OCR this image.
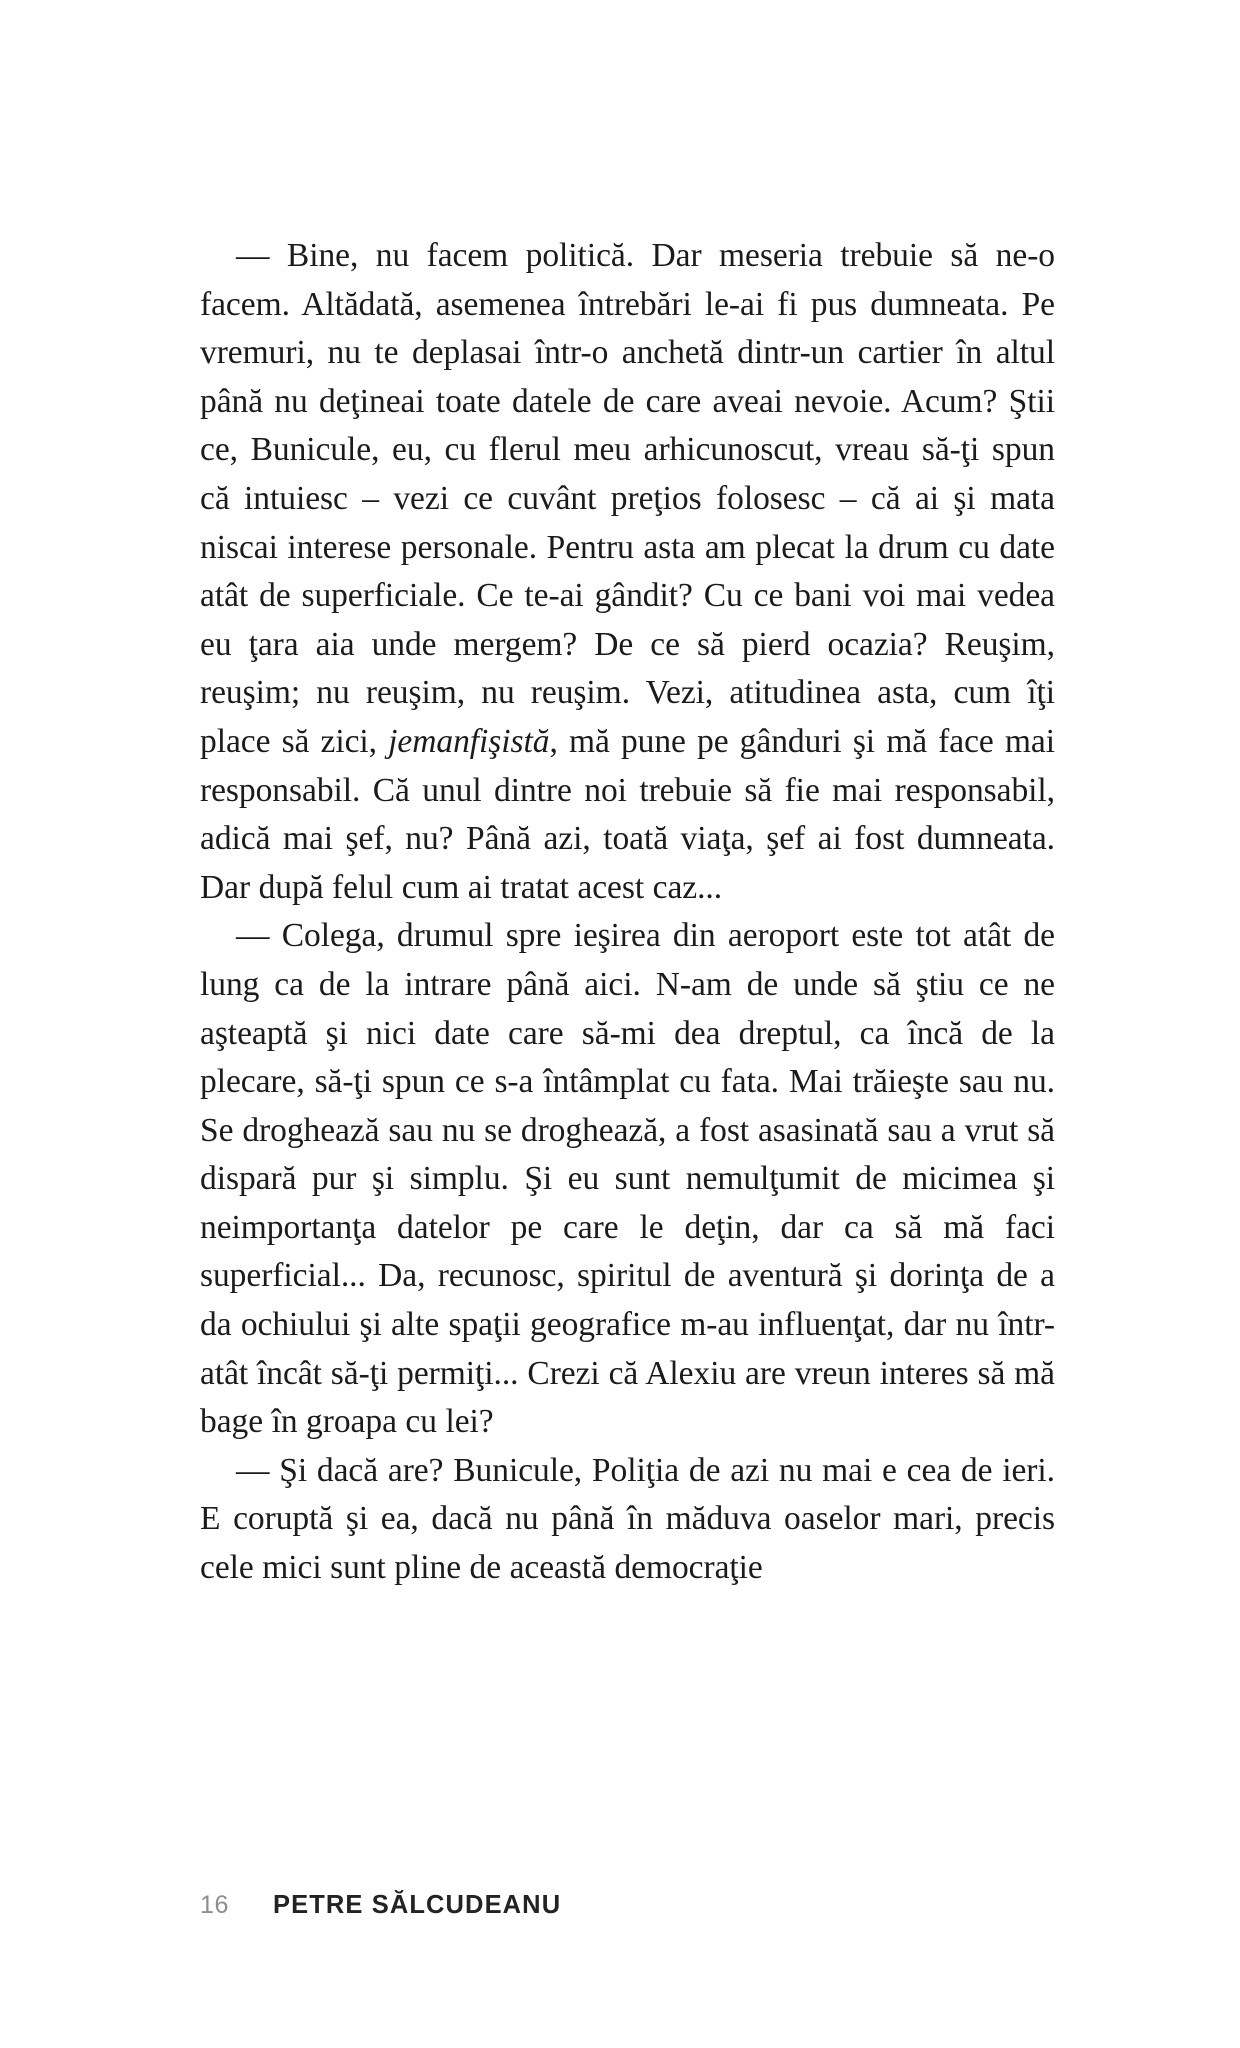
— Bine, nu facem politică. Dar meseria trebuie să ne-o facem. Altădată, asemenea întrebări le-ai fi pus dumneata. Pe vremuri, nu te deplasai într-o anchetă dintr-un cartier în altul până nu deţineai toate datele de care aveai nevoie. Acum? Ştii ce, Bunicule, eu, cu flerul meu arhicunoscut, vreau să-ţi spun că intuiesc – vezi ce cuvânt preţios folosesc – că ai şi mata niscai interese personale. Pentru asta am plecat la drum cu date atât de superficiale. Ce te-ai gândit? Cu ce bani voi mai vedea eu ţara aia unde mergem? De ce să pierd ocazia? Reuşim, reuşim; nu reuşim, nu reuşim. Vezi, atitudinea asta, cum îţi place să zici, jemanfişistă, mă pune pe gânduri şi mă face mai responsabil. Că unul dintre noi trebuie să fie mai responsabil, adică mai şef, nu? Până azi, toată viaţa, şef ai fost dumneata. Dar după felul cum ai tratat acest caz...

— Colega, drumul spre ieşirea din aeroport este tot atât de lung ca de la intrare până aici. N-am de unde să ştiu ce ne aşteaptă şi nici date care să-mi dea dreptul, ca încă de la plecare, să-ţi spun ce s-a întâmplat cu fata. Mai trăieşte sau nu. Se droghează sau nu se droghează, a fost asasinată sau a vrut să dispară pur şi simplu. Şi eu sunt nemulţumit de micimea şi neimportanţa datelor pe care le deţin, dar ca să mă faci superficial... Da, recunosc, spiritul de aventură şi dorinţa de a da ochiului şi alte spaţii geografice m-au influenţat, dar nu într-atât încât să-ţi permiţi... Crezi că Alexiu are vreun interes să mă bage în groapa cu lei?

— Şi dacă are? Bunicule, Poliţia de azi nu mai e cea de ieri. E coruptă şi ea, dacă nu până în măduva oaselor mari, precis cele mici sunt pline de această democraţie

16 PETRE SĂLCUDEANU
